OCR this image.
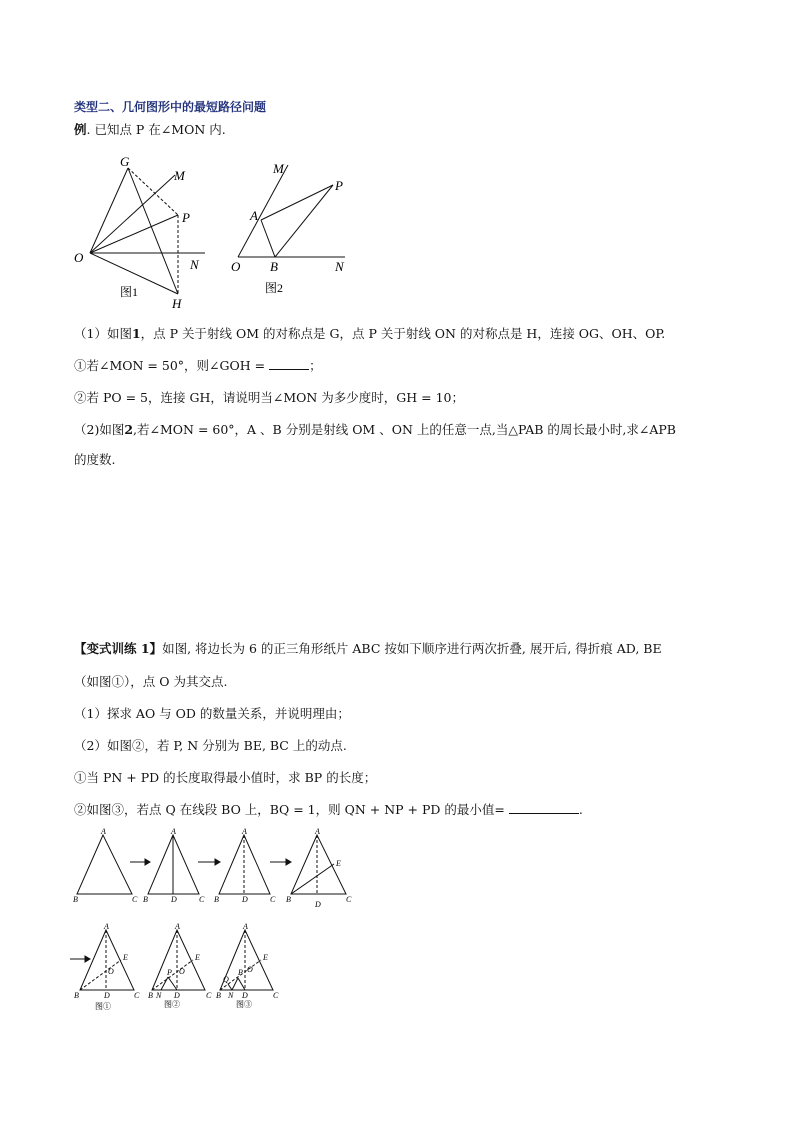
类型二、几何图形中的最短路径问题
例. 已知点 P 在∠MON 内.
G
M
P
O	N
H
图1
M
P
A
O B	N
图2
（1）如图1，点 P 关于射线 OM 的对称点是 G，点 P 关于射线 ON 的对称点是 H，连接 OG、OH、OP.
①若∠MON = 50°，则∠GOH =	；
②若 PO = 5，连接 GH，请说明当∠MON 为多少度时，GH = 10；
（2)如图2,若∠MON = 60°，A 、B 分别是射线 OM 、ON 上的任意一点,当△PAB 的周长最小时,求∠APB
的度数.
【变式训练 1】如图, 将边长为 6 的正三角形纸片 ABC 按如下顺序进行两次折叠, 展开后, 得折痕 AD, BE
（如图①），点 O 为其交点.
（1）探求 AO 与 OD 的数量关系，并说明理由；
（2）如图②，若 P, N 分别为 BE, BC 上的动点.
①当 PN + PD 的长度取得最小值时，求 BP 的长度；
②如图③，若点 Q 在线段 BO 上，BQ = 1，则 QN + NP + PD 的最小值=	.
A
B	C
A
B	D	C
A
B	D	C
A
E
B
D
C
A
E
O
B	D	C
A
E
O
P
B N D	C
A
E
O
P
Q
B N D	C
图①	图②	图③
